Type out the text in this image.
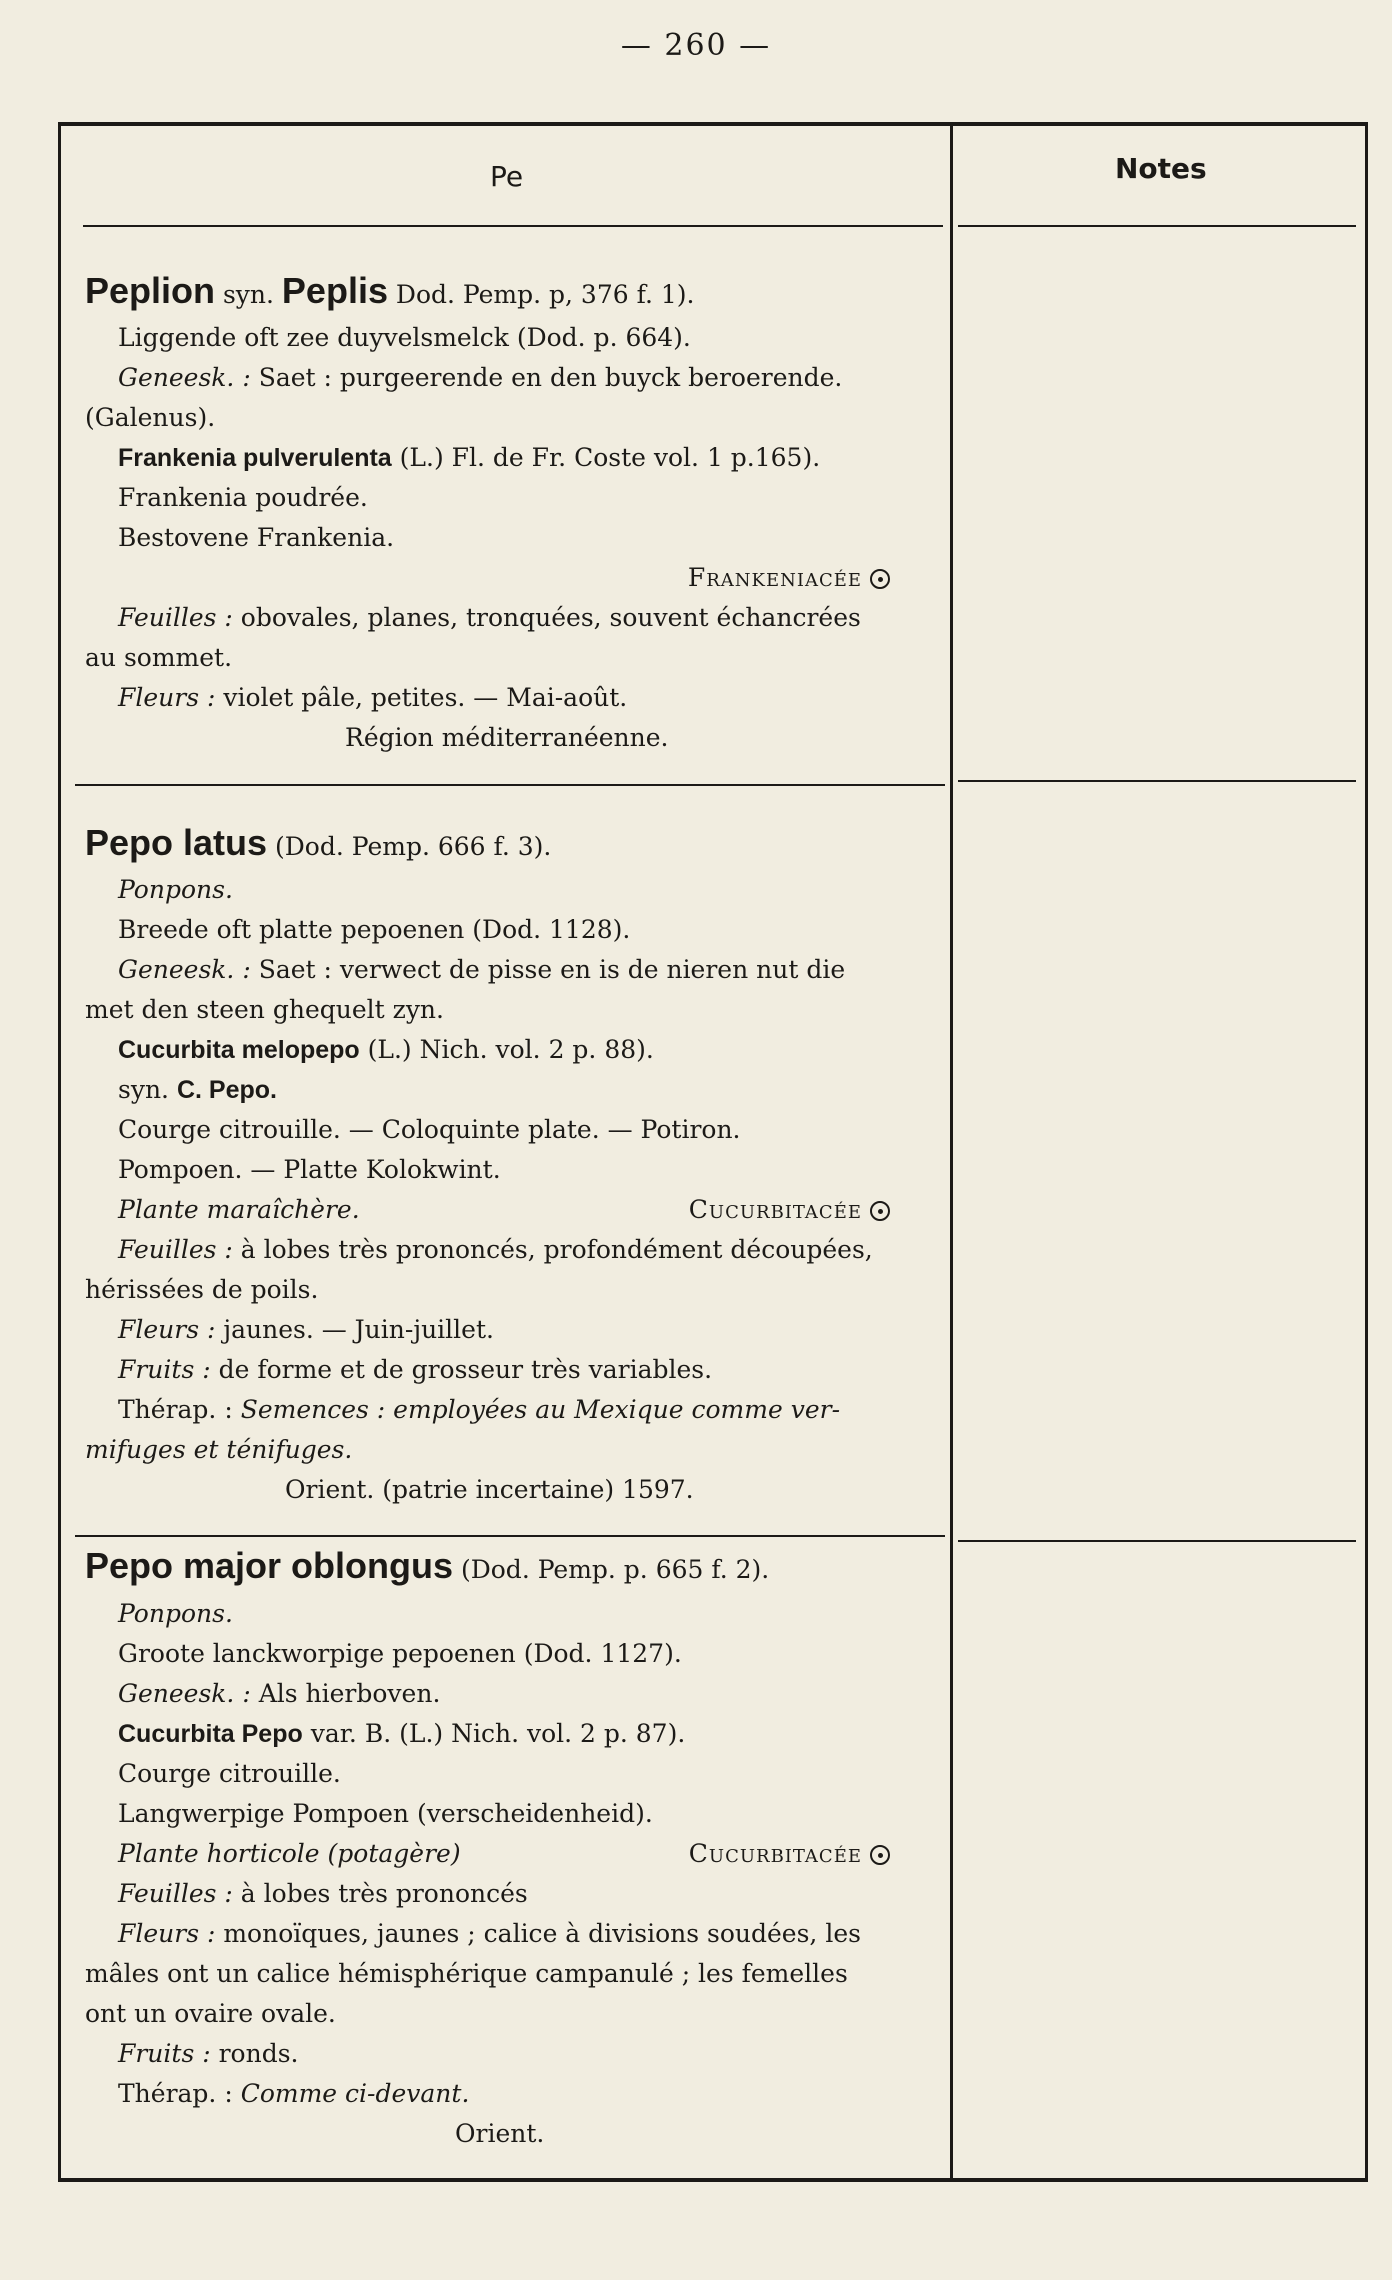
— 260 —
Pe	Notes
Peplion syn. Peplis Dod. Pemp. p, 376 f. 1).
Liggende oft zee duyvelsmelck (Dod. p. 664).
Geneesk. : Saet : purgeerende en den buyck beroerende.
(Galenus).
Frankenia pulverulenta (L.) Fl. de Fr. Coste vol. 1 p.165).
Frankenia poudrée.
Bestovene Frankenia.
Frankeniacée
Feuilles : obovales, planes, tronquées, souvent échancrées
au sommet.
Fleurs : violet pâle, petites. — Mai-août.
Région méditerranéenne.
Pepo latus (Dod. Pemp. 666 f. 3).
Ponpons.
Breede oft platte pepoenen (Dod. 1128).
Geneesk. : Saet : verwect de pisse en is de nieren nut die
met den steen ghequelt zyn.
Cucurbita melopepo (L.) Nich. vol. 2 p. 88).
syn. C. Pepo.
Courge citrouille. — Coloquinte plate. — Potiron.
Pompoen. — Platte Kolokwint.
Plante maraîchère.	Cucurbitacée
Feuilles : à lobes très prononcés, profondément découpées,
hérissées de poils.
Fleurs : jaunes. — Juin-juillet.
Fruits : de forme et de grosseur très variables.
Thérap. : Semences : employées au Mexique comme ver-
mifuges et ténifuges.
Orient. (patrie incertaine) 1597.
Pepo major oblongus (Dod. Pemp. p. 665 f. 2).
Ponpons.
Groote lanckworpige pepoenen (Dod. 1127).
Geneesk. : Als hierboven.
Cucurbita Pepo var. B. (L.) Nich. vol. 2 p. 87).
Courge citrouille.
Langwerpige Pompoen (verscheidenheid).
Plante horticole (potagère)	Cucurbitacée
Feuilles : à lobes très prononcés
Fleurs : monoïques, jaunes ; calice à divisions soudées, les
mâles ont un calice hémisphérique campanulé ; les femelles
ont un ovaire ovale.
Fruits : ronds.
Thérap. : Comme ci-devant.
Orient.
